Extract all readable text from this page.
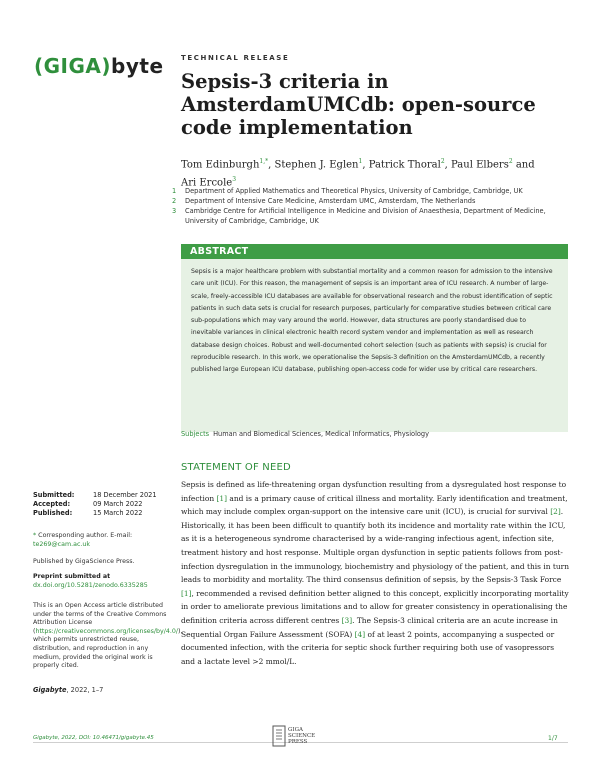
(GIGA)byte TECHNICAL RELEASE
Sepsis-3 criteria in AmsterdamUMCdb: open-source code implementation
Tom Edinburgh$^{1,*}$, Stephen J. Eglen$^1$, Patrick Thoral$^2$, Paul Elbers$^2$ and
Ari Ercole$^3$
1	Department of Applied Mathematics and Theoretical Physics, University of Cambridge, Cambridge, UK
2	Department of Intensive Care Medicine, Amsterdam UMC, Amsterdam, The Netherlands
3	Cambridge Centre for Artificial Intelligence in Medicine and Division of Anaesthesia, Department of Medicine, University of Cambridge, Cambridge, UK
ABSTRACT
Sepsis is a major healthcare problem with substantial mortality and a common reason for admission to the intensive care unit (ICU). For this reason, the management of sepsis is an important area of ICU research. A number of large-scale, freely-accessible ICU databases are available for observational research and the robust identification of septic patients in such data sets is crucial for research purposes, particularly for comparative studies between critical care sub-populations which may vary around the world. However, data structures are poorly standardised due to inevitable variances in clinical electronic health record system vendor and implementation as well as research database design choices. Robust and well-documented cohort selection (such as patients with sepsis) is crucial for reproducible research. In this work, we operationalise the Sepsis-3 definition on the AmsterdamUMCdb, a recently published large European ICU database, publishing open-access code for wider use by critical care researchers.
Subjects Human and Biomedical Sciences, Medical Informatics, Physiology
STATEMENT OF NEED
Sepsis is defined as life-threatening organ dysfunction resulting from a dysregulated host response to infection [1] and is a primary cause of critical illness and mortality. Early identification and treatment, which may include complex organ-support on the intensive care unit (ICU), is crucial for survival [2]. Historically, it has been been difficult to quantify both its incidence and mortality rate within the ICU, as it is a heterogeneous syndrome characterised by a wide-ranging infectious agent, infection site, treatment history and host response. Multiple organ dysfunction in septic patients follows from post-infection dysregulation in the immunology, biochemistry and physiology of the patient, and this in turn leads to morbidity and mortality. The third consensus definition of sepsis, by the Sepsis-3 Task Force [1], recommended a revised definition better aligned to this concept, explicitly incorporating mortality in order to ameliorate previous limitations and to allow for greater consistency in operationalising the definition criteria across different centres [3]. The Sepsis-3 clinical criteria are an acute increase in Sequential Organ Failure Assessment (SOFA) [4] of at least 2 points, accompanying a suspected or documented infection, with the criteria for septic shock further requiring both use of vasopressors and a lactate level >2 mmol/L.
Submitted:	18 December 2021
Accepted:	09 March 2022
Published:	15 March 2022
* Corresponding author. E-mail:
te269@cam.ac.uk
Published by GigaScience Press.
Preprint submitted at
dx.doi.org/10.5281/zenodo.6335285
This is an Open Access article distributed under the terms of the Creative Commons Attribution License (https://creativecommons.org/licenses/by/4.0/), which permits unrestricted reuse, distribution, and reproduction in any medium, provided the original work is properly cited.
Gigabyte, 2022, 1–7
Gigabyte, 2022, DOI: 10.46471/gigabyte.45
GIGA SCIENCE PRESS	1/7
